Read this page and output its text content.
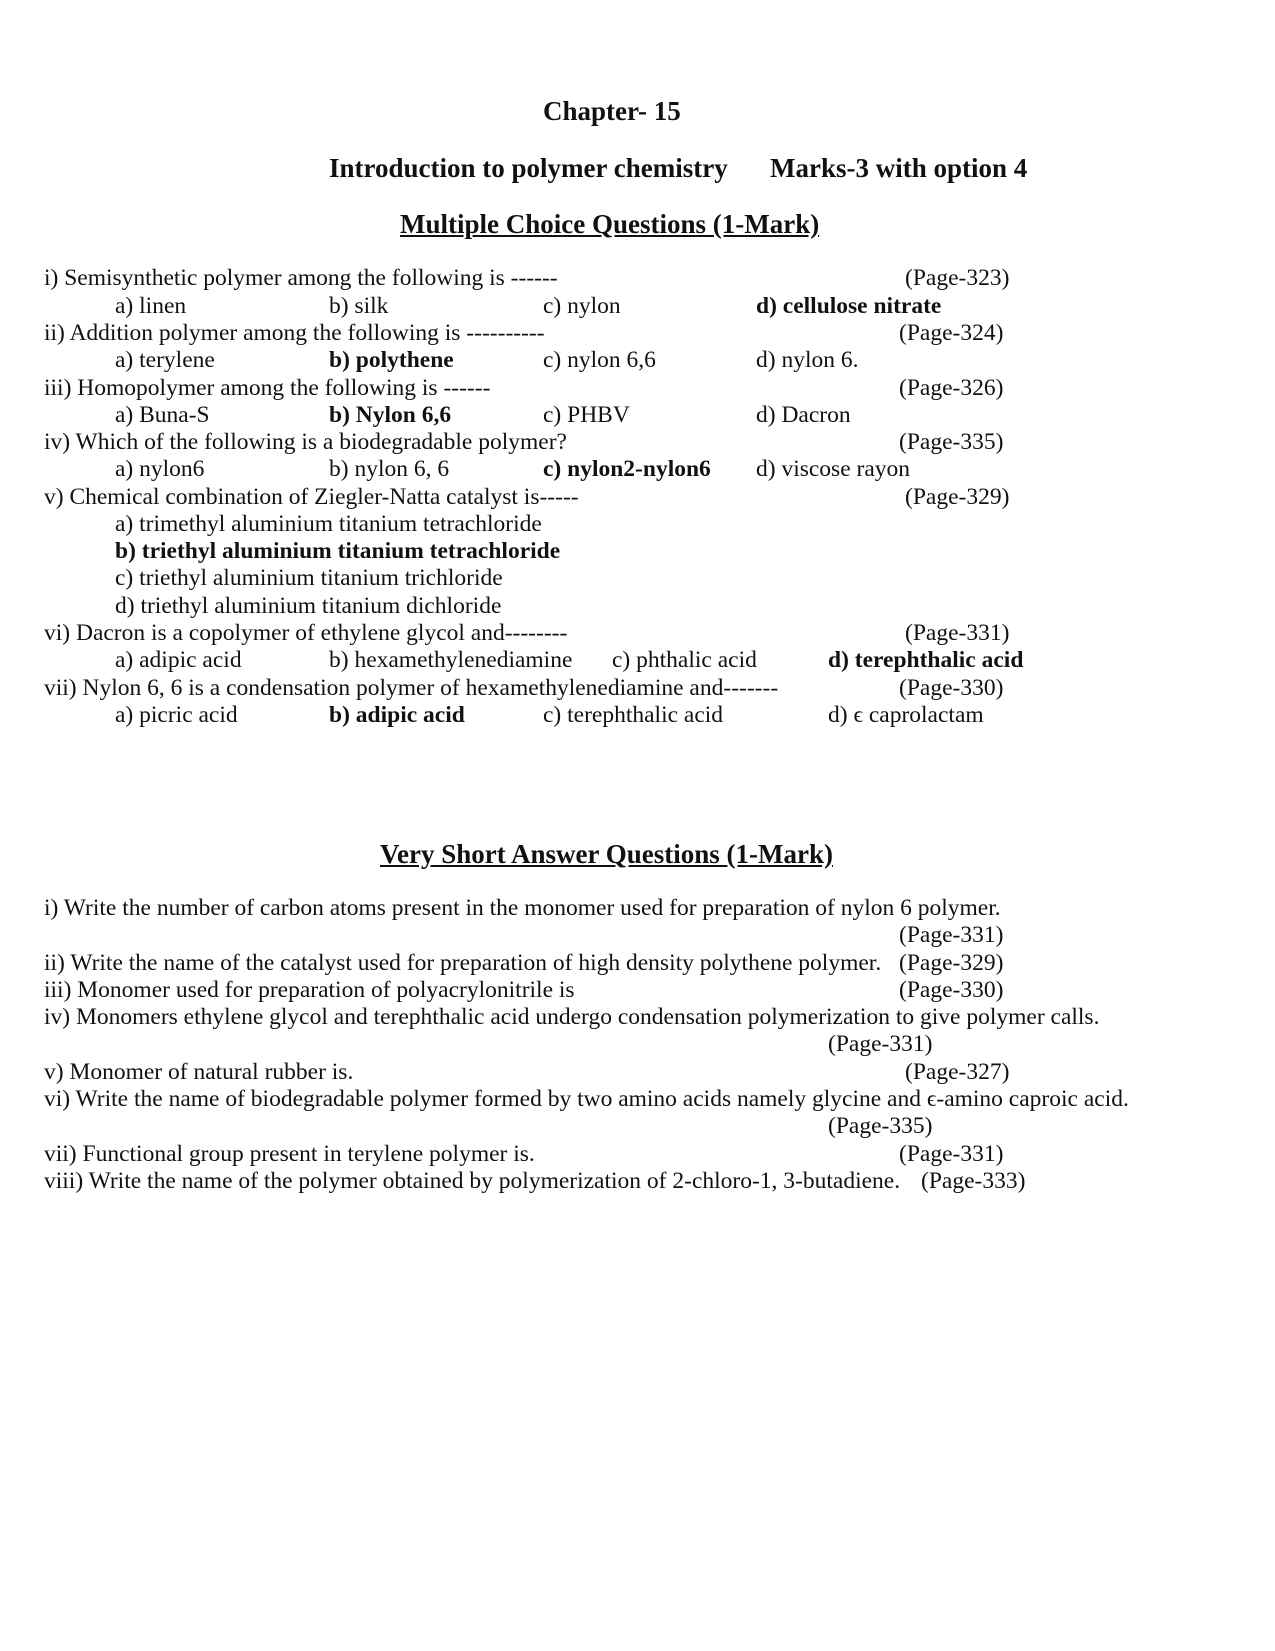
Chapter- 15
Introduction to polymer chemistry Marks-3 with option 4
Multiple Choice Questions (1-Mark)
i) Semisynthetic polymer among the following is ------	(Page-323)
a) linen	b) silk	c) nylon	d) cellulose nitrate
ii) Addition polymer among the following is ----------	(Page-324)
a) terylene	b) polythene	c) nylon 6,6	d) nylon 6.
iii) Homopolymer among the following is ------	(Page-326)
a) Buna-S	b) Nylon 6,6	c) PHBV	d) Dacron
iv) Which of the following is a biodegradable polymer?	(Page-335)
a) nylon6	b) nylon 6, 6	c) nylon2-nylon6 d) viscose rayon
v) Chemical combination of Ziegler-Natta catalyst is-----	(Page-329)
a) trimethyl aluminium titanium tetrachloride
b) triethyl aluminium titanium tetrachloride
c) triethyl aluminium titanium trichloride
d) triethyl aluminium titanium dichloride
vi) Dacron is a copolymer of ethylene glycol and--------	(Page-331)
a) adipic acid	b) hexamethylenediamine c) phthalic acid	d) terephthalic acid
vii) Nylon 6, 6 is a condensation polymer of hexamethylenediamine and-------	(Page-330)
a) picric acid	b) adipic acid	c) terephthalic acid	d) ϵ caprolactam
Very Short Answer Questions (1-Mark)
i) Write the number of carbon atoms present in the monomer used for preparation of nylon 6 polymer.
(Page-331)
ii) Write the name of the catalyst used for preparation of high density polythene polymer. (Page-329)
iii) Monomer used for preparation of polyacrylonitrile is	(Page-330)
iv) Monomers ethylene glycol and terephthalic acid undergo condensation polymerization to give polymer calls.
(Page-331)
v) Monomer of natural rubber is.	(Page-327)
vi) Write the name of biodegradable polymer formed by two amino acids namely glycine and ϵ-amino caproic acid.
(Page-335)
vii) Functional group present in terylene polymer is.	(Page-331)
viii) Write the name of the polymer obtained by polymerization of 2-chloro-1, 3-butadiene. (Page-333)
